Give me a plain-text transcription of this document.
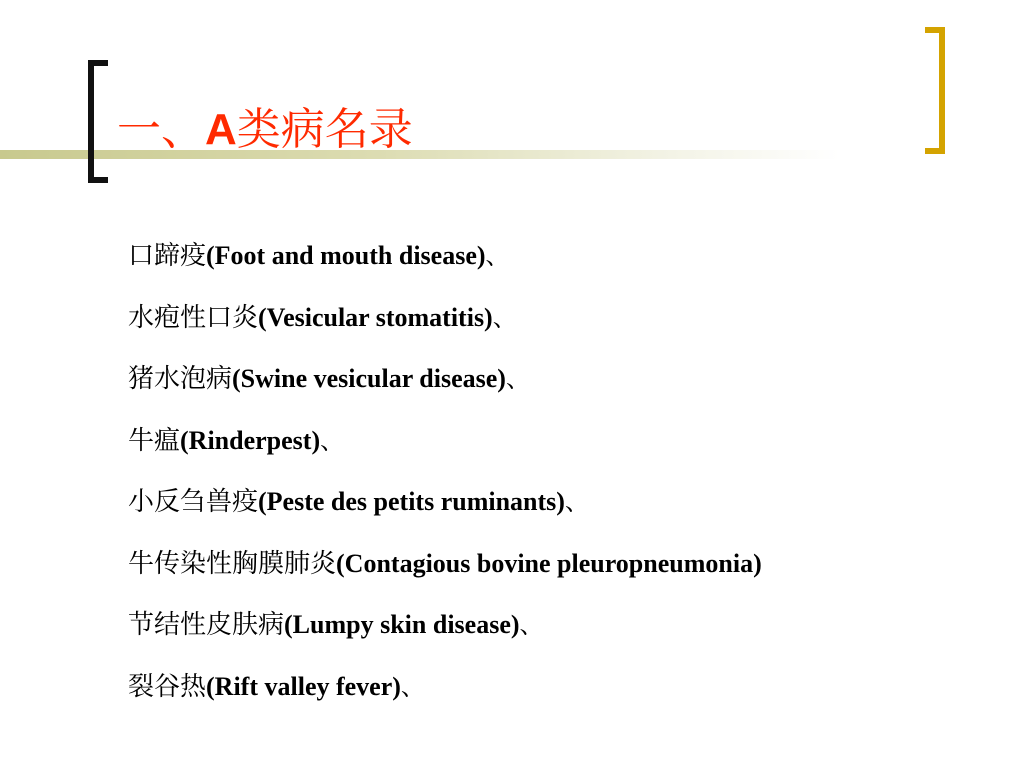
一、A类病名录
口蹄疫(Foot and mouth disease)、
水疱性口炎(Vesicular stomatitis)、
猪水泡病(Swine vesicular disease)、
牛瘟(Rinderpest)、
小反刍兽疫(Peste des petits ruminants)、
牛传染性胸膜肺炎(Contagious bovine pleuropneumonia)
节结性皮肤病(Lumpy skin disease)、
裂谷热(Rift valley fever)、
